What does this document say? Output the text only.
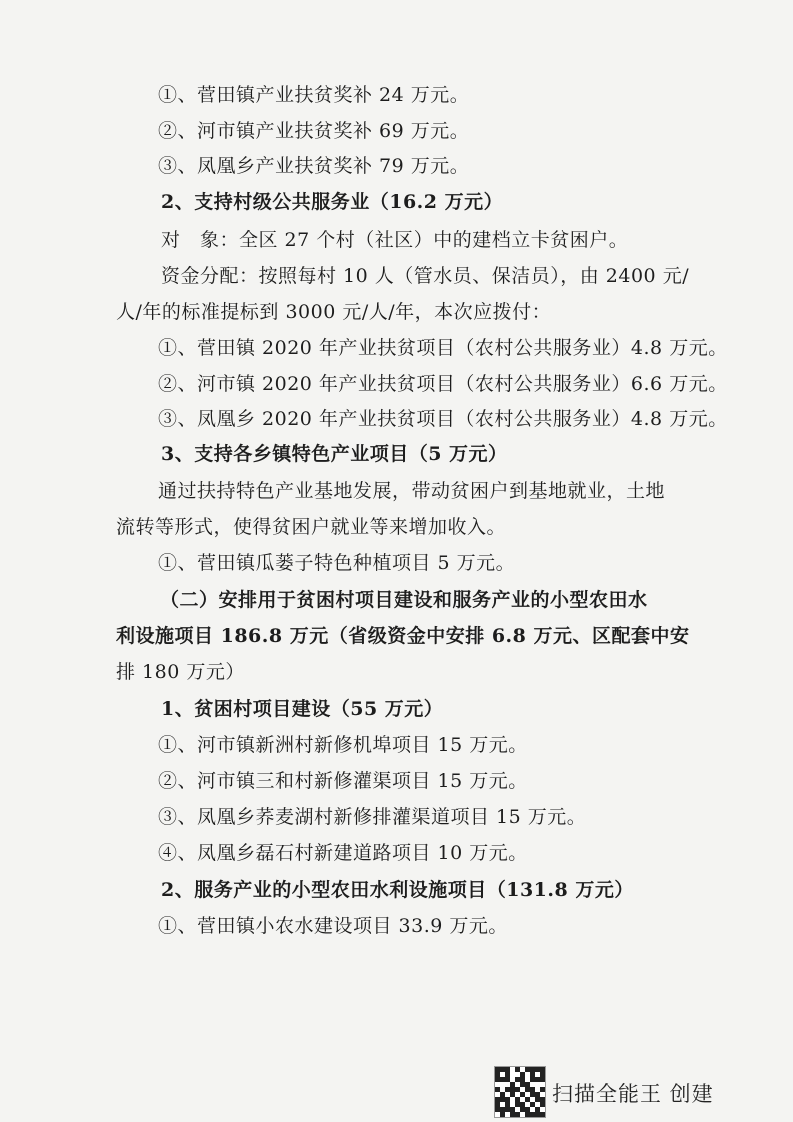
①、菅田镇产业扶贫奖补 24 万元。
②、河市镇产业扶贫奖补 69 万元。
③、凤凰乡产业扶贫奖补 79 万元。
2、支持村级公共服务业（16.2 万元）
对　象：全区 27 个村（社区）中的建档立卡贫困户。
资金分配：按照每村 10 人（管水员、保洁员），由 2400 元/
人/年的标准提标到 3000 元/人/年，本次应拨付：
①、菅田镇 2020 年产业扶贫项目（农村公共服务业）4.8 万元。
②、河市镇 2020 年产业扶贫项目（农村公共服务业）6.6 万元。
③、凤凰乡 2020 年产业扶贫项目（农村公共服务业）4.8 万元。
3、支持各乡镇特色产业项目（5 万元）
通过扶持特色产业基地发展，带动贫困户到基地就业，土地
流转等形式，使得贫困户就业等来增加收入。
①、菅田镇瓜蒌子特色种植项目 5 万元。
（二）安排用于贫困村项目建设和服务产业的小型农田水
利设施项目 186.8 万元（省级资金中安排 6.8 万元、区配套中安
排 180 万元）
1、贫困村项目建设（55 万元）
①、河市镇新洲村新修机埠项目 15 万元。
②、河市镇三和村新修灌渠项目 15 万元。
③、凤凰乡荞麦湖村新修排灌渠道项目 15 万元。
④、凤凰乡磊石村新建道路项目 10 万元。
2、服务产业的小型农田水利设施项目（131.8 万元）
①、菅田镇小农水建设项目 33.9 万元。
扫描全能王 创建
